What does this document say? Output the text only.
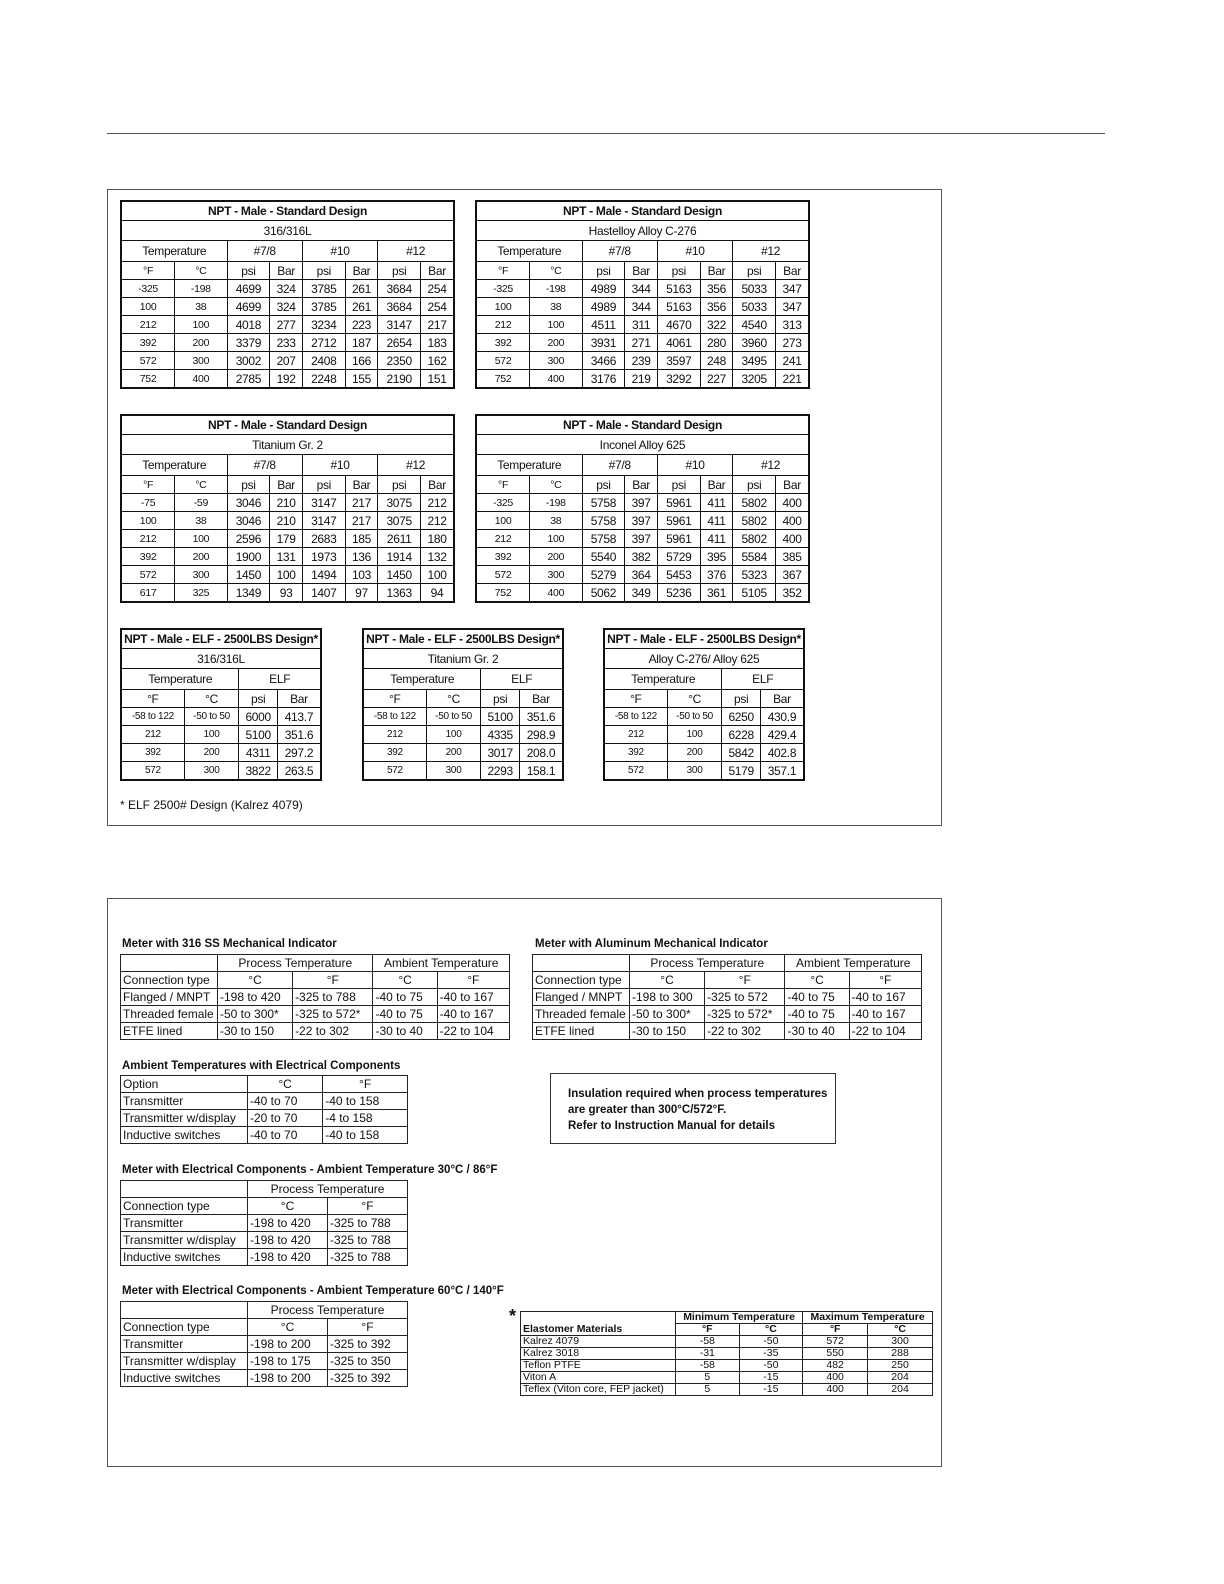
NPT - Male - Standard Design							
316/316L							
Temperature		#7/8		#10		#12	
°F	°C	psi	Bar	psi	Bar	psi	Bar
-325	-198	4699	324	3785	261	3684	254
100	38	4699	324	3785	261	3684	254
212	100	4018	277	3234	223	3147	217
392	200	3379	233	2712	187	2654	183
572	300	3002	207	2408	166	2350	162
752	400	2785	192	2248	155	2190	151
NPT - Male - Standard Design							
Hastelloy Alloy C-276							
Temperature		#7/8		#10		#12	
°F	°C	psi	Bar	psi	Bar	psi	Bar
-325	-198	4989	344	5163	356	5033	347
100	38	4989	344	5163	356	5033	347
212	100	4511	311	4670	322	4540	313
392	200	3931	271	4061	280	3960	273
572	300	3466	239	3597	248	3495	241
752	400	3176	219	3292	227	3205	221
NPT - Male - Standard Design							
Titanium Gr. 2							
Temperature		#7/8		#10		#12	
°F	°C	psi	Bar	psi	Bar	psi	Bar
-75	-59	3046	210	3147	217	3075	212
100	38	3046	210	3147	217	3075	212
212	100	2596	179	2683	185	2611	180
392	200	1900	131	1973	136	1914	132
572	300	1450	100	1494	103	1450	100
617	325	1349	93	1407	97	1363	94
NPT - Male - Standard Design							
Inconel Alloy 625							
Temperature		#7/8		#10		#12	
°F	°C	psi	Bar	psi	Bar	psi	Bar
-325	-198	5758	397	5961	411	5802	400
100	38	5758	397	5961	411	5802	400
212	100	5758	397	5961	411	5802	400
392	200	5540	382	5729	395	5584	385
572	300	5279	364	5453	376	5323	367
752	400	5062	349	5236	361	5105	352
NPT - Male - ELF - 2500LBS Design*			
316/316L			
Temperature		ELF	
°F	°C	psi	Bar
-58 to 122	-50 to 50	6000	413.7
212	100	5100	351.6
392	200	4311	297.2
572	300	3822	263.5
NPT - Male - ELF - 2500LBS Design*			
Titanium Gr. 2			
Temperature		ELF	
°F	°C	psi	Bar
-58 to 122	-50 to 50	5100	351.6
212	100	4335	298.9
392	200	3017	208.0
572	300	2293	158.1
NPT - Male - ELF - 2500LBS Design*			
Alloy C-276/ Alloy 625			
Temperature		ELF	
°F	°C	psi	Bar
-58 to 122	-50 to 50	6250	430.9
212	100	6228	429.4
392	200	5842	402.8
572	300	5179	357.1
* ELF 2500# Design (Kalrez 4079)
Meter with 316 SS Mechanical Indicator
	Process Temperature		Ambient Temperature	
Connection type	°C	°F	°C	°F
Flanged / MNPT	-198 to 420	-325 to 788	-40 to 75	-40 to 167
Threaded female	-50 to 300*	-325 to 572*	-40 to 75	-40 to 167
ETFE lined	-30 to 150	-22 to 302	-30 to 40	-22 to 104
Meter with Aluminum Mechanical Indicator
	Process Temperature		Ambient Temperature	
Connection type	°C	°F	°C	°F
Flanged / MNPT	-198 to 300	-325 to 572	-40 to 75	-40 to 167
Threaded female	-50 to 300*	-325 to 572*	-40 to 75	-40 to 167
ETFE lined	-30 to 150	-22 to 302	-30 to 40	-22 to 104
Ambient Temperatures with Electrical Components
Option	°C	°F
Transmitter	-40 to 70	-40 to 158
Transmitter w/display	-20 to 70	-4 to 158
Inductive switches	-40 to 70	-40 to 158
Insulation required when process temperatures
are greater than 300°C/572°F.
Refer to Instruction Manual for details
Meter with Electrical Components - Ambient Temperature 30°C / 86°F
	Process Temperature	
Connection type	°C	°F
Transmitter	-198 to 420	-325 to 788
Transmitter w/display	-198 to 420	-325 to 788
Inductive switches	-198 to 420	-325 to 788
Meter with Electrical Components - Ambient Temperature 60°C / 140°F
	Process Temperature	
Connection type	°C	°F
Transmitter	-198 to 200	-325 to 392
Transmitter w/display	-198 to 175	-325 to 350
Inductive switches	-198 to 200	-325 to 392
*
Elastomer Materials	Minimum Temperature		Maximum Temperature	
	°F	°C	°F	°C
Kalrez 4079	-58	-50	572	300
Kalrez 3018	-31	-35	550	288
Teflon PTFE	-58	-50	482	250
Viton A	5	-15	400	204
Teflex (Viton core, FEP jacket)	5	-15	400	204
